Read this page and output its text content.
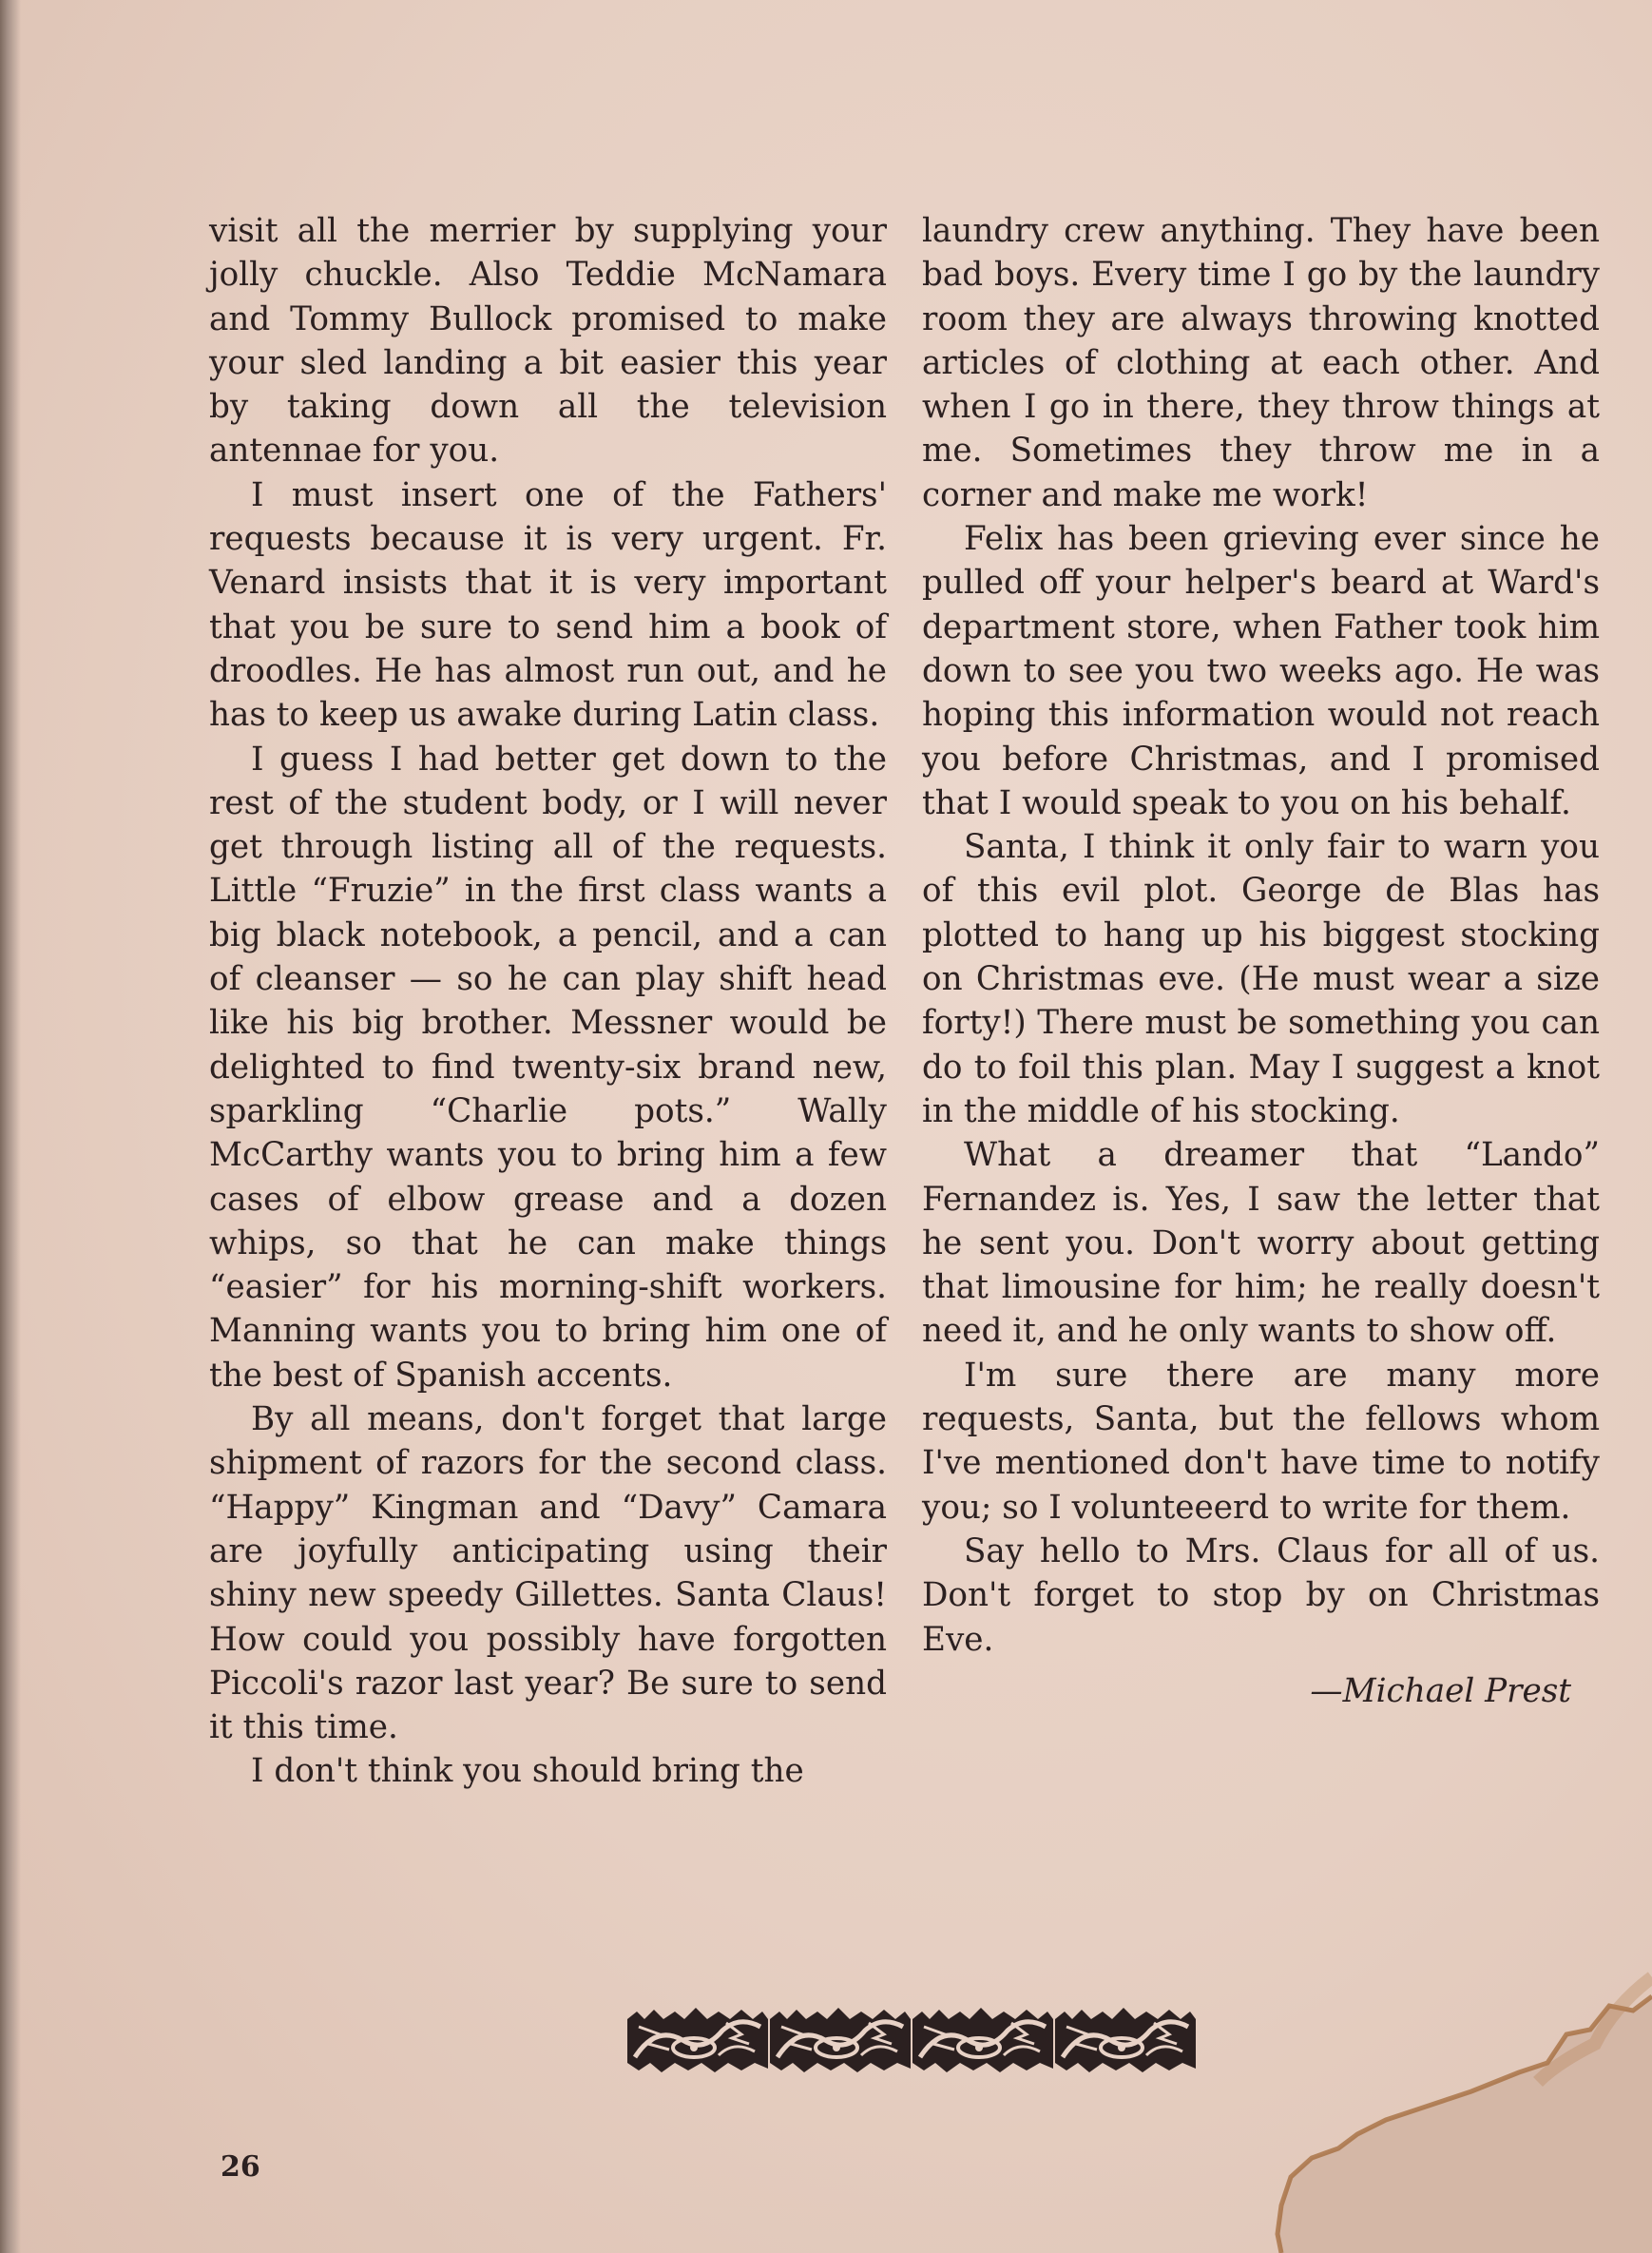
visit all the merrier by supplying your jolly chuckle. Also Teddie McNamara and Tommy Bullock promised to make your sled landing a bit easier this year by taking down all the television antennae for you.

I must insert one of the Fathers' requests because it is very urgent. Fr. Venard insists that it is very important that you be sure to send him a book of droodles. He has almost run out, and he has to keep us awake during Latin class.

I guess I had better get down to the rest of the student body, or I will never get through listing all of the requests. Little “Fruzie” in the first class wants a big black notebook, a pencil, and a can of cleanser — so he can play shift head like his big brother. Messner would be delighted to find twenty-six brand new, sparkling “Charlie pots.” Wally McCarthy wants you to bring him a few cases of elbow grease and a dozen whips, so that he can make things “easier” for his morning-shift workers. Manning wants you to bring him one of the best of Spanish accents.

By all means, don't forget that large shipment of razors for the second class. “Happy” Kingman and “Davy” Camara are joyfully anticipating using their shiny new speedy Gillettes. Santa Claus! How could you possibly have forgotten Piccoli's razor last year? Be sure to send it this time.

I don't think you should bring the

laundry crew anything. They have been bad boys. Every time I go by the laundry room they are always throwing knotted articles of clothing at each other. And when I go in there, they throw things at me. Sometimes they throw me in a corner and make me work!

Felix has been grieving ever since he pulled off your helper's beard at Ward's department store, when Father took him down to see you two weeks ago. He was hoping this information would not reach you before Christmas, and I promised that I would speak to you on his behalf.

Santa, I think it only fair to warn you of this evil plot. George de Blas has plotted to hang up his biggest stocking on Christmas eve. (He must wear a size forty!) There must be something you can do to foil this plan. May I suggest a knot in the middle of his stocking.

What a dreamer that “Lando” Fernandez is. Yes, I saw the letter that he sent you. Don't worry about getting that limousine for him; he really doesn't need it, and he only wants to show off.

I'm sure there are many more requests, Santa, but the fellows whom I've mentioned don't have time to notify you; so I volunteeerd to write for them.

Say hello to Mrs. Claus for all of us. Don't forget to stop by on Christmas Eve.

—Michael Prest
26
